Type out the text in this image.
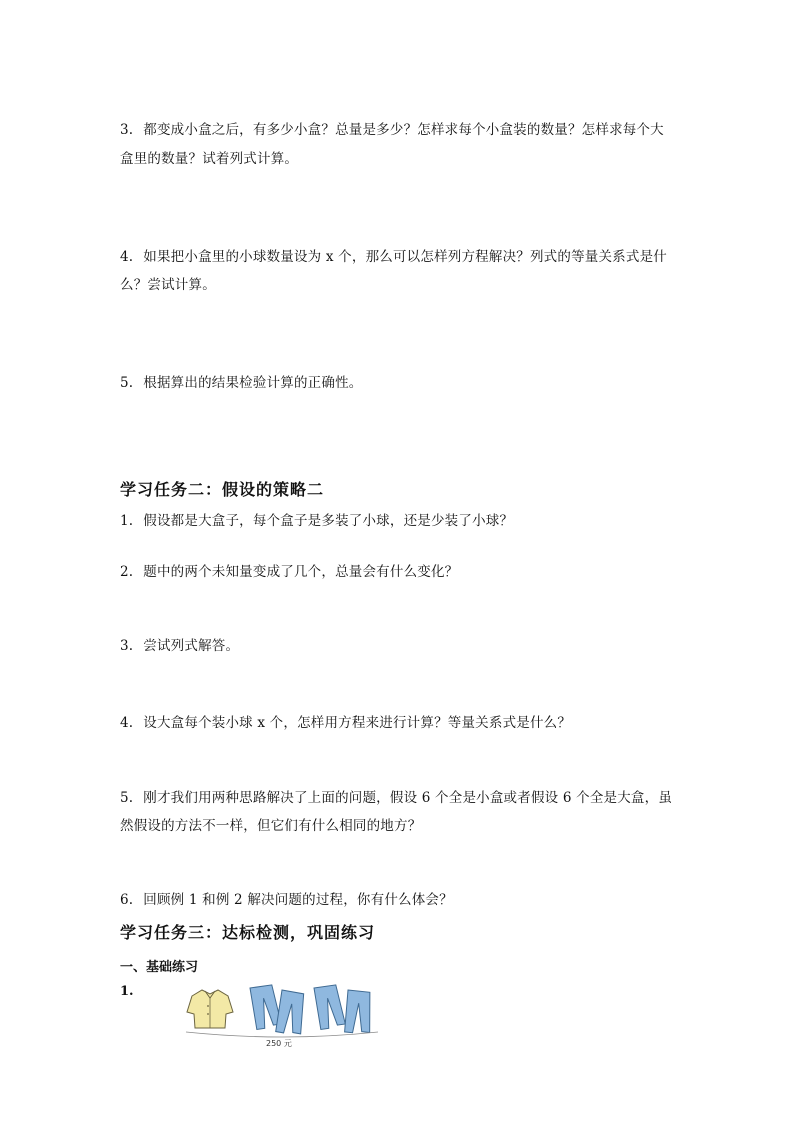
3. 都变成小盒之后，有多少小盒？总量是多少？怎样求每个小盒装的数量？怎样求每个大
盒里的数量？试着列式计算。
4. 如果把小盒里的小球数量设为 x 个，那么可以怎样列方程解决？列式的等量关系式是什
么？尝试计算。
5. 根据算出的结果检验计算的正确性。
学习任务二：假设的策略二
1. 假设都是大盒子，每个盒子是多装了小球，还是少装了小球？
2. 题中的两个未知量变成了几个，总量会有什么变化？
3. 尝试列式解答。
4. 设大盒每个装小球 x 个，怎样用方程来进行计算？等量关系式是什么？
5. 刚才我们用两种思路解决了上面的问题，假设 6 个全是小盒或者假设 6 个全是大盒，虽
然假设的方法不一样，但它们有什么相同的地方？
6. 回顾例 1 和例 2 解决问题的过程，你有什么体会？
学习任务三：达标检测，巩固练习
一、基础练习
1.
250 元
